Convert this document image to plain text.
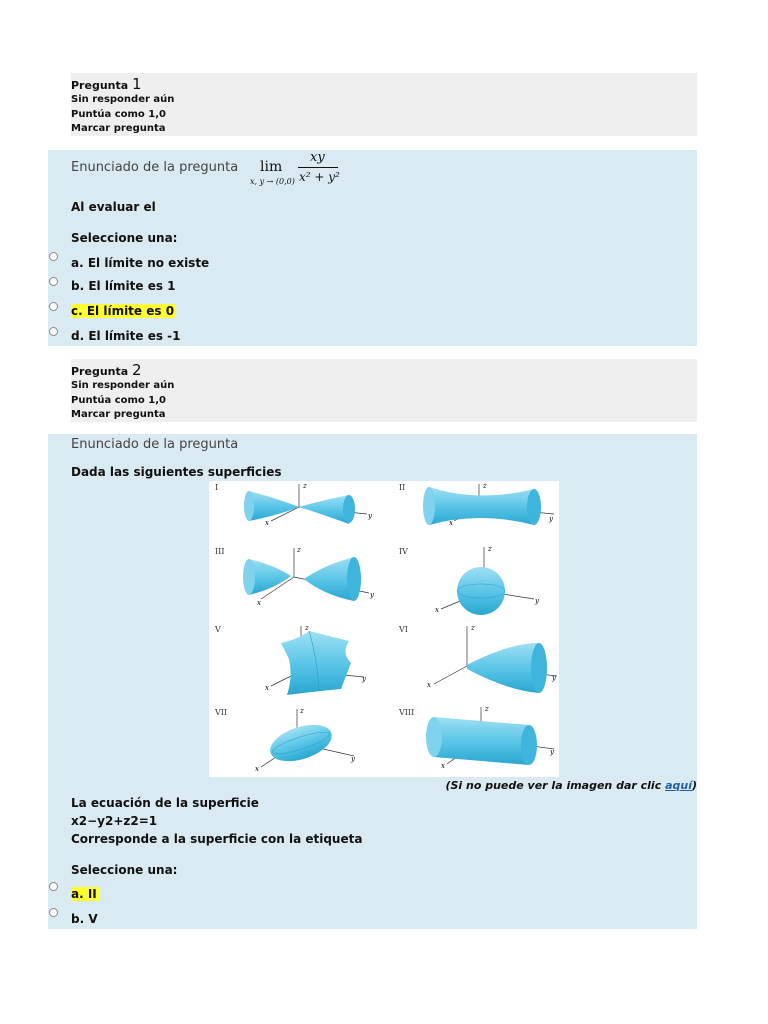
Pregunta 1
Sin responder aún
Puntúa como 1,0
Marcar pregunta
Enunciado de la pregunta lim
x, y → (0,0)
xy
x² + y²
Al evaluar el
Seleccione una:
a. El límite no existe
b. El límite es 1
c. El límite es 0
d. El límite es -1
Pregunta 2
Sin responder aún
Puntúa como 1,0
Marcar pregunta
Enunciado de la pregunta
Dada las siguientes superficies
I	II
III	IV
V	VI
VII	VIII
z
x
y
z
x	y
z
x
y
z
x
y
z
x
y
z
x
y
z
x
y
z
x
y
(Si no puede ver la imagen dar clic aquí)
La ecuación de la superficie
x2−y2+z2=1
Corresponde a la superficie con la etiqueta
Seleccione una:
a. II
b. V
